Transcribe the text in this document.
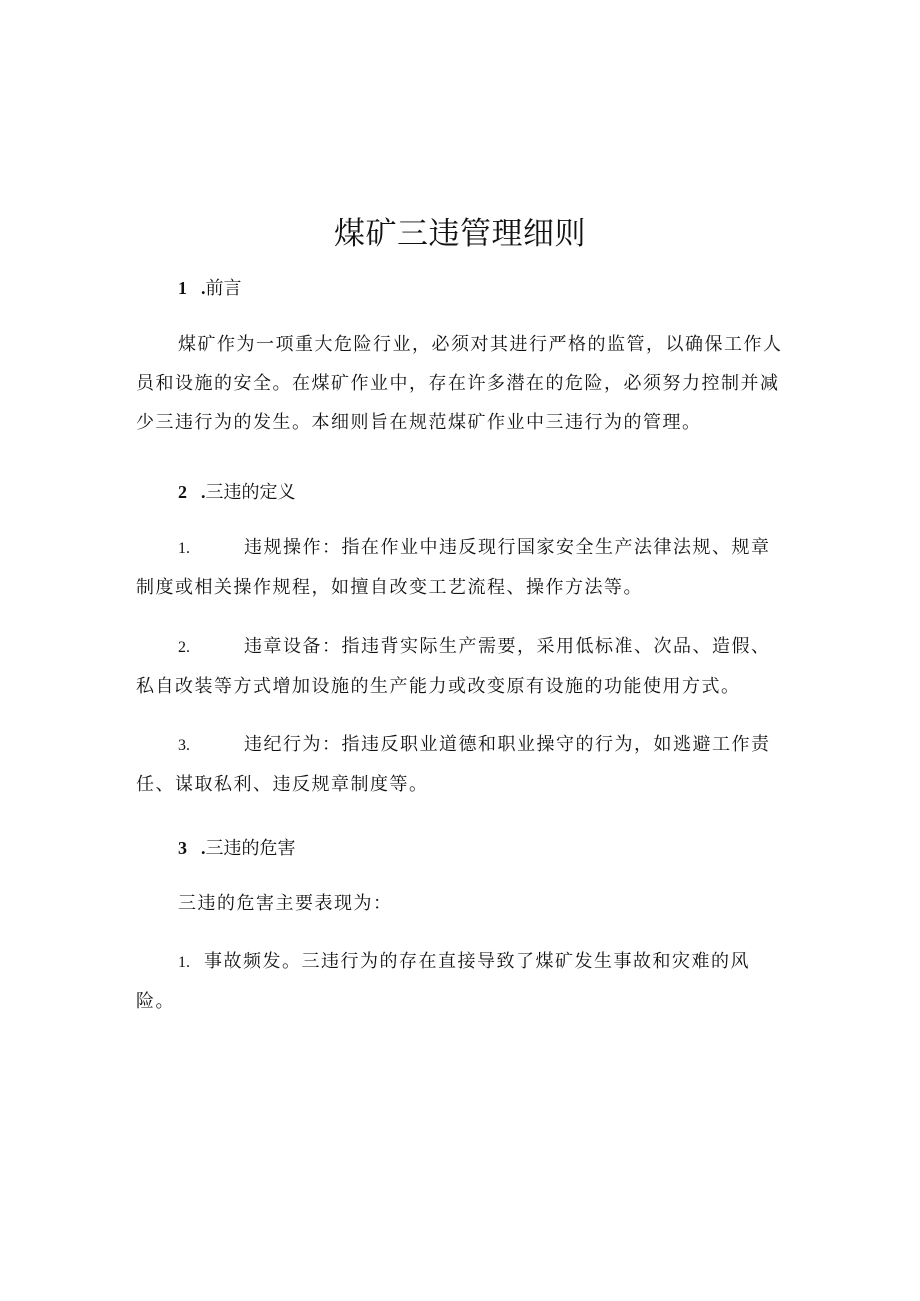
煤矿三违管理细则
1 .前言

煤矿作为一项重大危险行业，必须对其进行严格的监管，以确保工作人
员和设施的安全。在煤矿作业中，存在许多潜在的危险，必须努力控制并减
少三违行为的发生。本细则旨在规范煤矿作业中三违行为的管理。

2 .三违的定义

1.	违规操作：指在作业中违反现行国家安全生产法律法规、规章
制度或相关操作规程，如擅自改变工艺流程、操作方法等。

2.	违章设备：指违背实际生产需要，采用低标准、次品、造假、
私自改装等方式增加设施的生产能力或改变原有设施的功能使用方式。

3.	违纪行为：指违反职业道德和职业操守的行为，如逃避工作责
任、谋取私利、违反规章制度等。

3 .三违的危害

三违的危害主要表现为：

1. 事故频发。三违行为的存在直接导致了煤矿发生事故和灾难的风
险。
